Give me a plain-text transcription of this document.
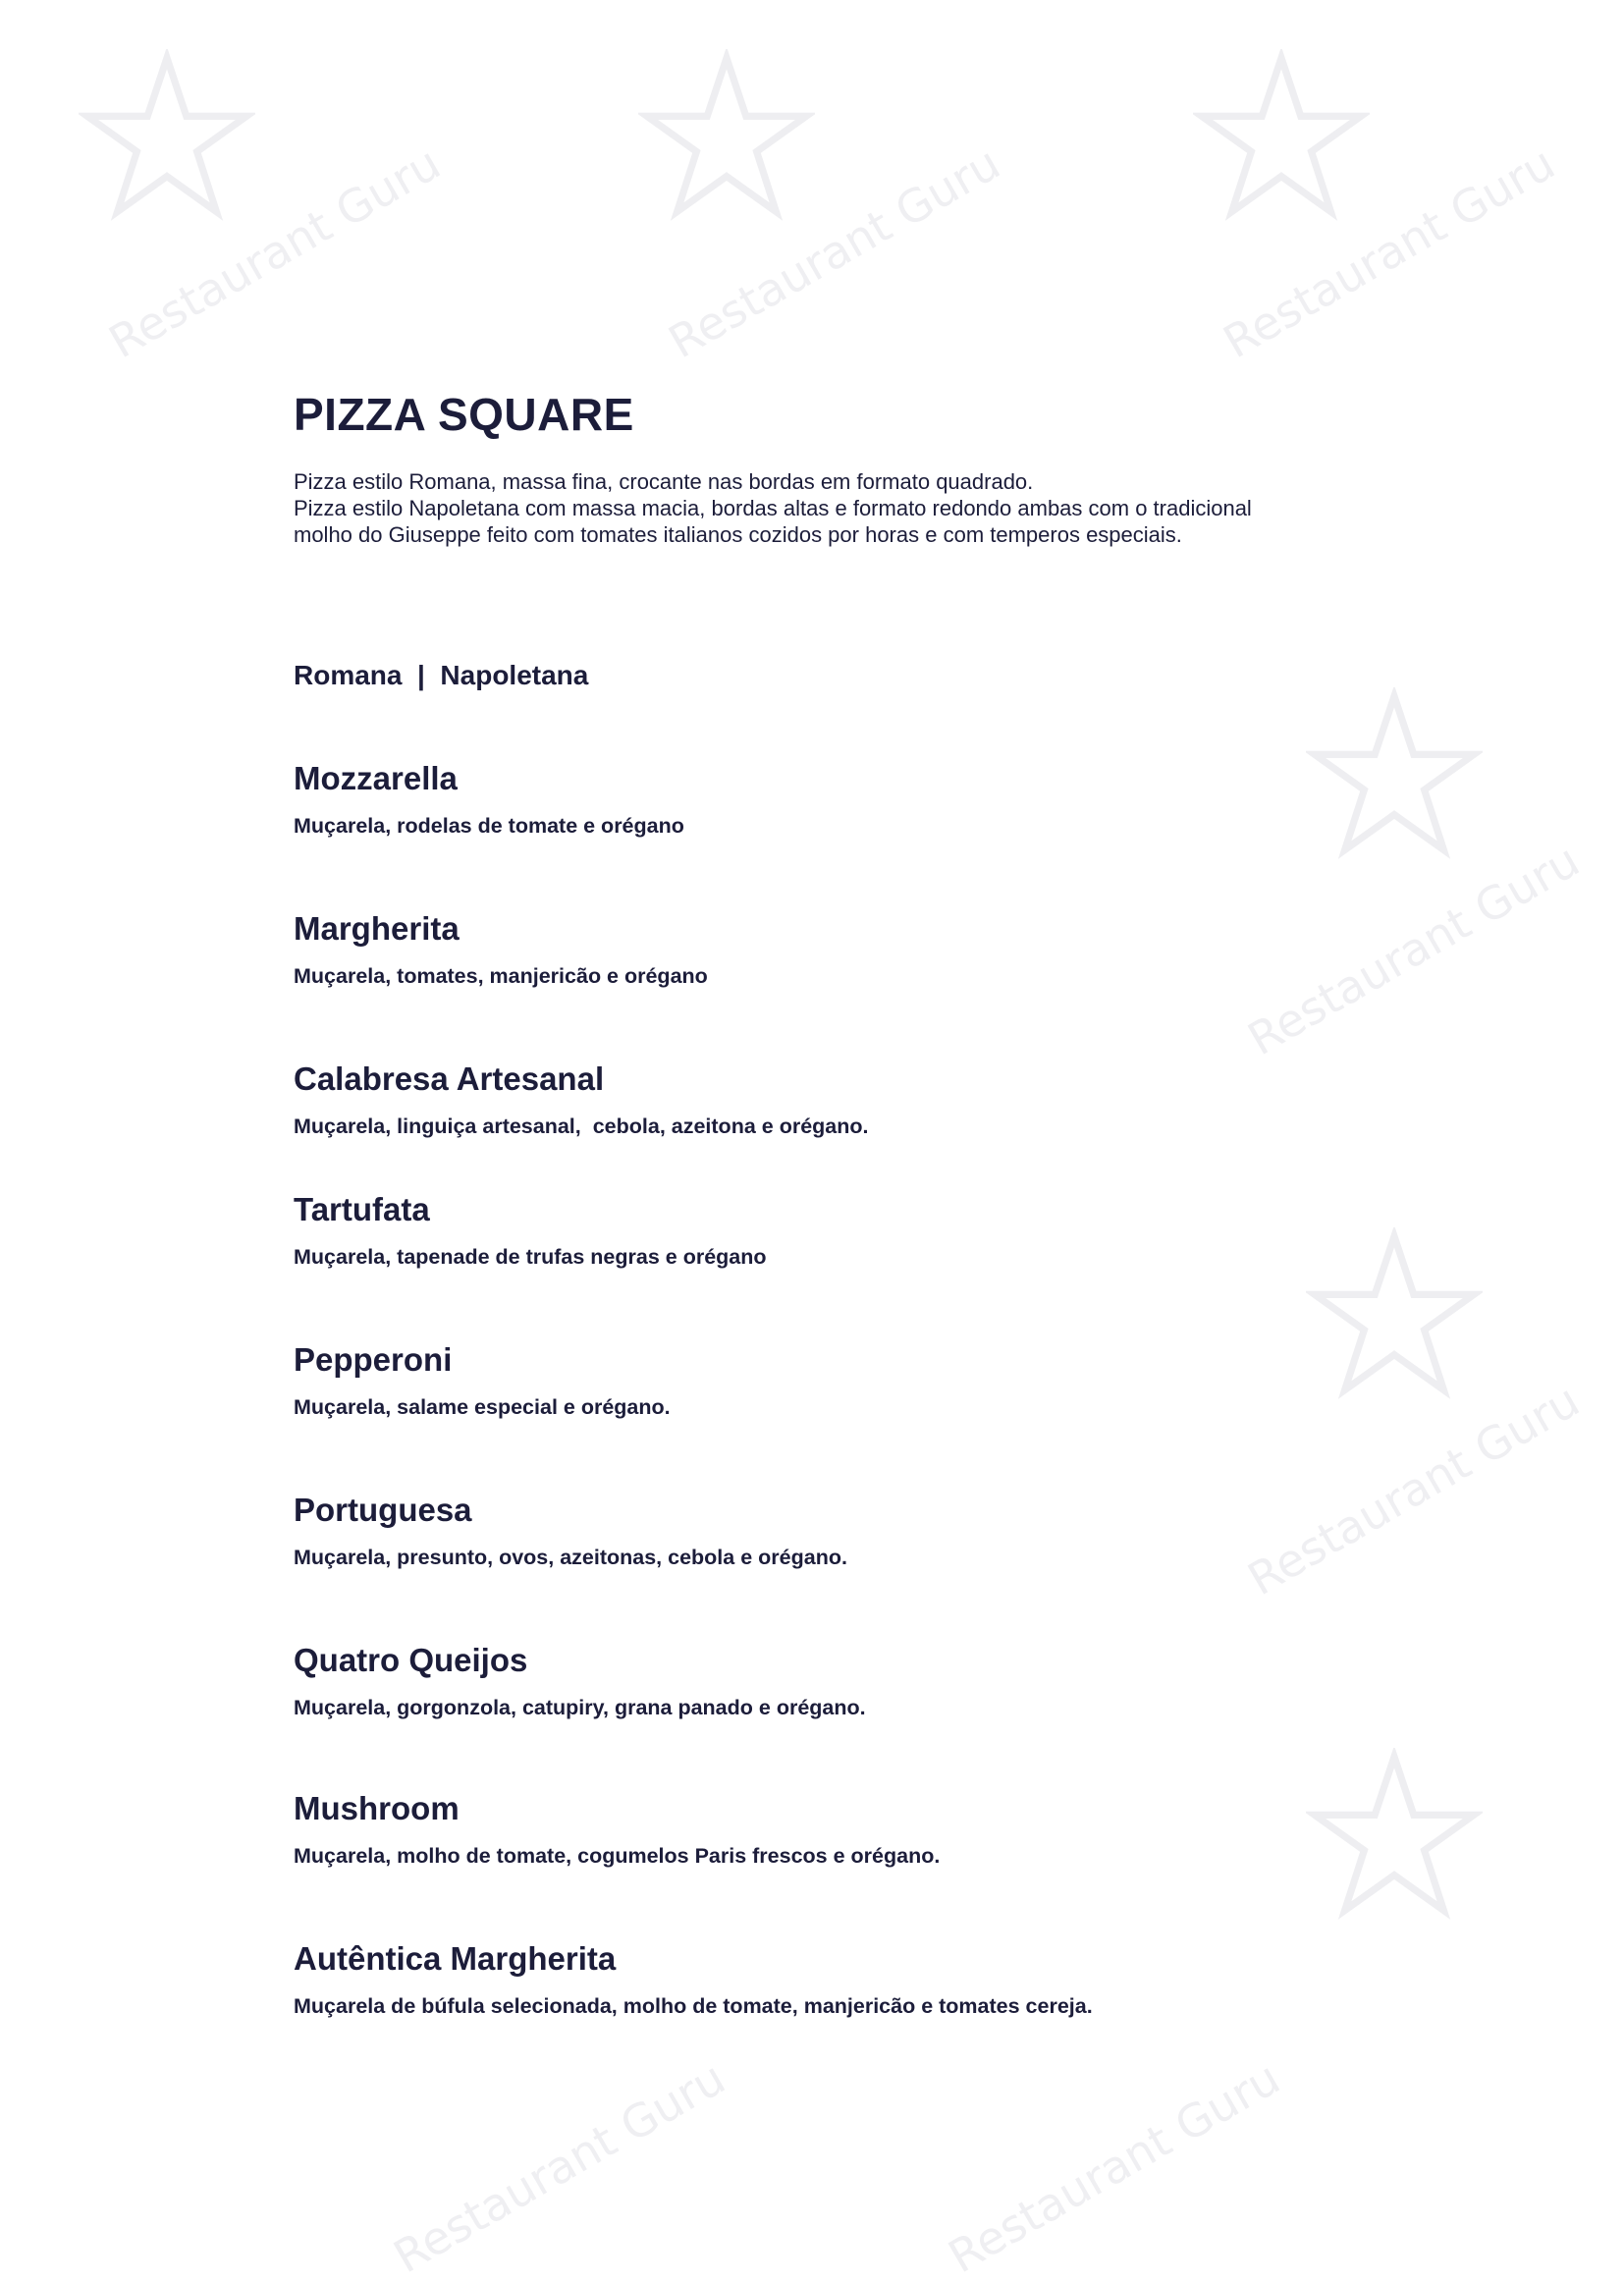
Restaurant Guru	Restaurant Guru	Restaurant Guru
Restaurant Guru
Restaurant Guru
Restaurant Guru	Restaurant Guru
PIZZA SQUARE
Pizza estilo Romana, massa fina, crocante nas bordas em formato quadrado.
Pizza estilo Napoletana com massa macia, bordas altas e formato redondo ambas com o tradicional
molho do Giuseppe feito com tomates italianos cozidos por horas e com temperos especiais.
Romana  |  Napoletana
Mozzarella
Muçarela, rodelas de tomate e orégano
Margherita
Muçarela, tomates, manjericão e orégano
Calabresa Artesanal
Muçarela, linguiça artesanal,  cebola, azeitona e orégano.
Tartufata
Muçarela, tapenade de trufas negras e orégano
Pepperoni
Muçarela, salame especial e orégano.
Portuguesa
Muçarela, presunto, ovos, azeitonas, cebola e orégano.
Quatro Queijos
Muçarela, gorgonzola, catupiry, grana panado e orégano.
Mushroom
Muçarela, molho de tomate, cogumelos Paris frescos e orégano.
Autêntica Margherita
Muçarela de búfula selecionada, molho de tomate, manjericão e tomates cereja.
